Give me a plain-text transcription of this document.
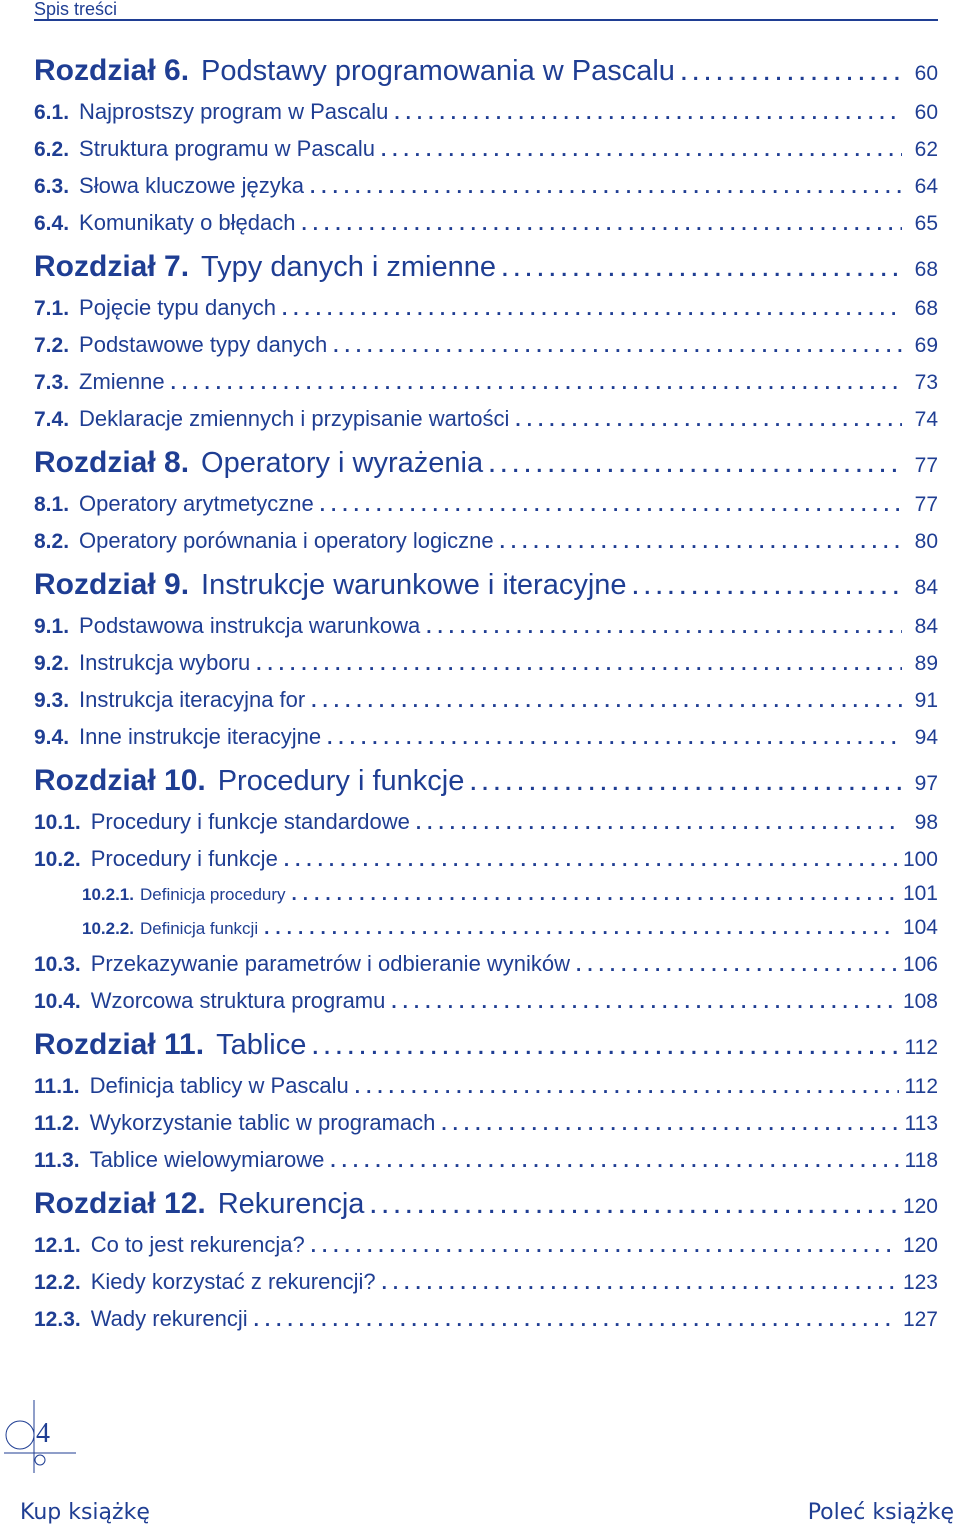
Spis treści
Rozdział 6. Podstawy programowania w Pascalu .....	60
6.1. Najprostszy program w Pascalu .....	60
6.2. Struktura programu w Pascalu .....	62
6.3. Słowa kluczowe języka .....	64
6.4. Komunikaty o błędach .....	65
Rozdział 7. Typy danych i zmienne .....	68
7.1. Pojęcie typu danych .....	68
7.2. Podstawowe typy danych .....	69
7.3. Zmienne .....	73
7.4. Deklaracje zmiennych i przypisanie wartości .....	74
Rozdział 8. Operatory i wyrażenia .....	77
8.1. Operatory arytmetyczne .....	77
8.2. Operatory porównania i operatory logiczne .....	80
Rozdział 9. Instrukcje warunkowe i iteracyjne .....	84
9.1. Podstawowa instrukcja warunkowa .....	84
9.2. Instrukcja wyboru .....	89
9.3. Instrukcja iteracyjna for .....	91
9.4. Inne instrukcje iteracyjne .....	94
Rozdział 10. Procedury i funkcje .....	97
10.1. Procedury i funkcje standardowe .....	98
10.2. Procedury i funkcje .....	100
10.2.1. Definicja procedury .....	101
10.2.2. Definicja funkcji .....	104
10.3. Przekazywanie parametrów i odbieranie wyników .....	106
10.4. Wzorcowa struktura programu .....	108
Rozdział 11. Tablice .....	112
11.1. Definicja tablicy w Pascalu .....	112
11.2. Wykorzystanie tablic w programach .....	113
11.3. Tablice wielowymiarowe .....	118
Rozdział 12. Rekurencja .....	120
12.1. Co to jest rekurencja? .....	120
12.2. Kiedy korzystać z rekurencji? .....	123
12.3. Wady rekurencji .....	127
4
Kup książkę	Poleć książkę
